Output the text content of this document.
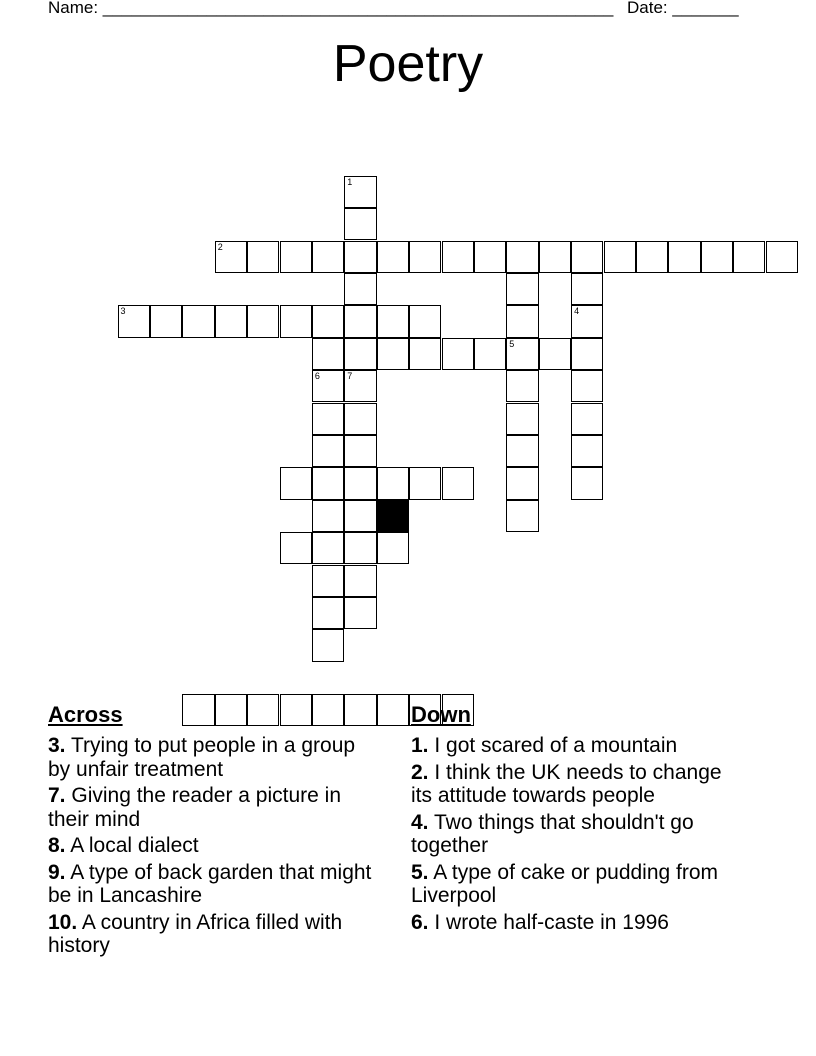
Name: ______________________________________________________ Date: _______
Poetry
1
7
2
3	4
5
6
Across
3. Trying to put people in a group by unfair treatment
7. Giving the reader a picture in their mind
8. A local dialect
9. A type of back garden that might be in Lancashire
10. A country in Africa filled with history
Down
1. I got scared of a mountain
2. I think the UK needs to change its attitude towards people
4. Two things that shouldn't go together
5. A type of cake or pudding from Liverpool
6. I wrote half-caste in 1996
